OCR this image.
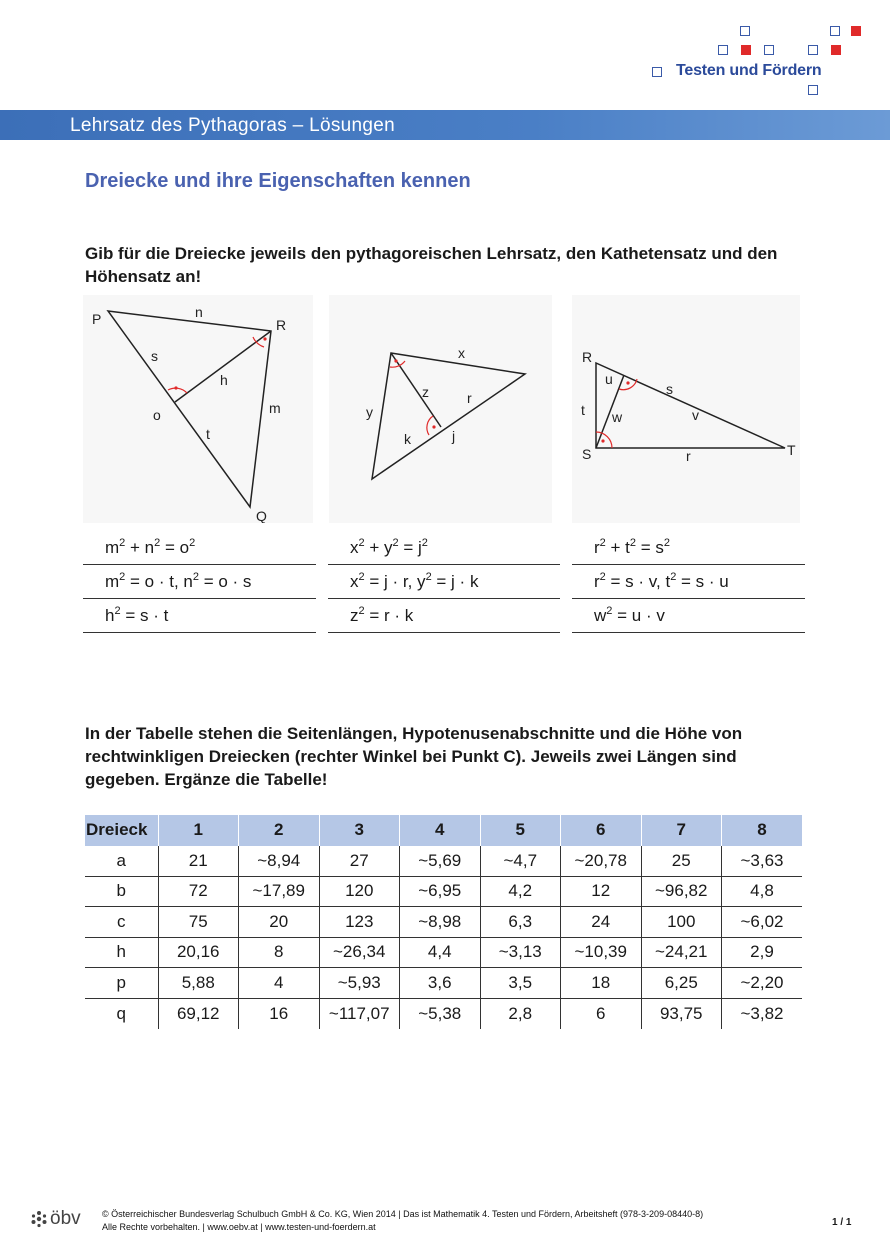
Testen und Fördern
Lehrsatz des Pythagoras – Lösungen
Dreiecke und ihre Eigenschaften kennen
Gib für die Dreiecke jeweils den pythagoreischen Lehrsatz, den Kathetensatz und den Höhensatz an!
P	R
Q
n
s
h
o
t
m
x
y
z	r
k	j
R
S	T
u
s
t w	v
r
$m^2 + n^2 = o^2$
$m^2 = o \cdot t$, $n^2 = o \cdot s$
$h^2 = s \cdot t$
$x^2 + y^2 = j^2$
$x^2 = j \cdot r$, $y^2 = j \cdot k$
$z^2 = r \cdot k$
$r^2 + t^2 = s^2$
$r^2 = s \cdot v$, $t^2 = s \cdot u$
$w^2 = u \cdot v$
In der Tabelle stehen die Seitenlängen, Hypotenusenabschnitte und die Höhe von rechtwinkligen Dreiecken (rechter Winkel bei Punkt C). Jeweils zwei Längen sind gegeben. Ergänze die Tabelle!
Dreieck	1	2	3	4	5	6	7	8
a	21	~8,94	27	~5,69	~4,7	~20,78	25	~3,63
b	72	~17,89	120	~6,95	4,2	12	~96,82	4,8
c	75	20	123	~8,98	6,3	24	100	~6,02
h	20,16	8	~26,34	4,4	~3,13	~10,39	~24,21	2,9
p	5,88	4	~5,93	3,6	3,5	18	6,25	~2,20
q	69,12	16	~117,07	~5,38	2,8	6	93,75	~3,82
öbv © Österreichischer Bundesverlag Schulbuch GmbH & Co. KG, Wien 2014 | Das ist Mathematik 4. Testen und Fördern, Arbeitsheft (978-3-209-08440-8)
Alle Rechte vorbehalten. | www.oebv.at | www.testen-und-foerdern.at	1 / 1
